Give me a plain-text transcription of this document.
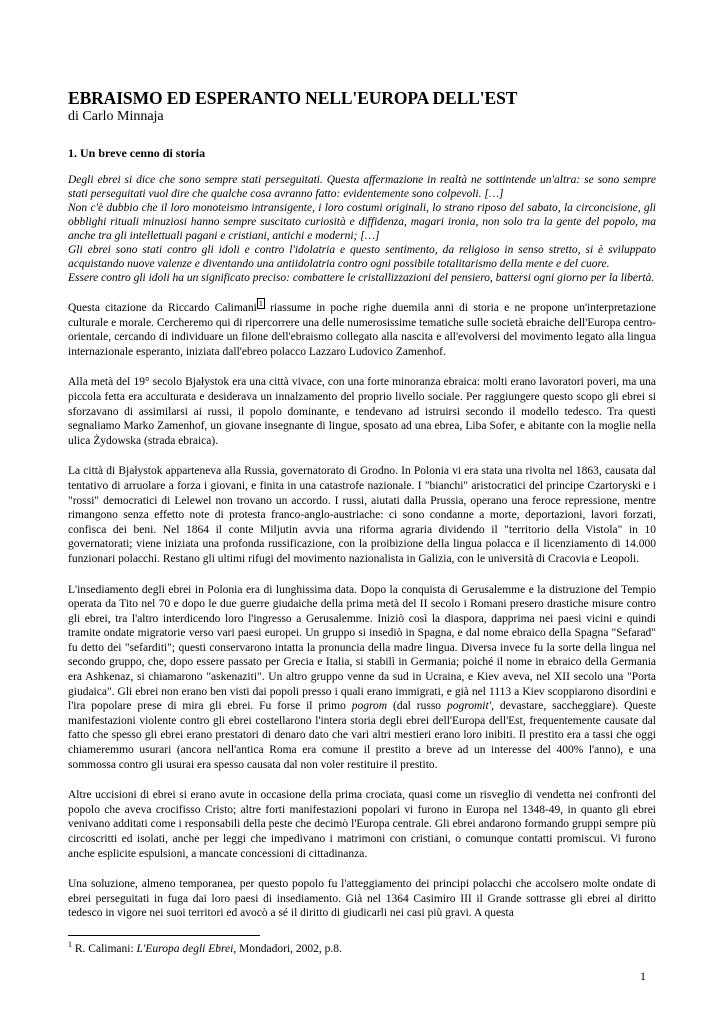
EBRAISMO ED ESPERANTO NELL'EUROPA DELL'EST

di Carlo Minnaja

1. Un breve cenno di storia

Degli ebrei si dice che sono sempre stati perseguitati. Questa affermazione in realtà ne sottintende un'altra: se sono sempre stati perseguitati vuol dire che qualche cosa avranno fatto: evidentemente sono colpevoli. […]

Non c'è dubbio che il loro monoteismo intransigente, i loro costumi originali, lo strano riposo del sabato, la circoncisione, gli obblighi rituali minuziosi hanno sempre suscitato curiosità e diffidenza, magari ironia, non solo tra la gente del popolo, ma anche tra gli intellettuali pagani e cristiani, antichi e moderni; […]

Gli ebrei sono stati contro gli idoli e contro l'idolatria e questo sentimento, da religioso in senso stretto, si è sviluppato acquistando nuove valenze e diventando una antiidolatria contro ogni possibile totalitarismo della mente e del cuore.

Essere contro gli idoli ha un significato preciso: combattere le cristallizzazioni del pensiero, battersi ogni giorno per la libertà.

Questa citazione da Riccardo Calimani $^1$ riassume in poche righe duemila anni di storia e ne propone un'interpretazione culturale e morale. Cercheremo qui di ripercorrere una delle numerosissime tematiche sulle società ebraiche dell'Europa centro-orientale, cercando di individuare un filone dell'ebraismo collegato alla nascita e all'evolversi del movimento legato alla lingua internazionale esperanto, iniziata dall'ebreo polacco Lazzaro Ludovico Zamenhof.

Alla metà del 19° secolo Bjałystok era una città vivace, con una forte minoranza ebraica: molti erano lavoratori poveri, ma una piccola fetta era acculturata e desiderava un innalzamento del proprio livello sociale. Per raggiungere questo scopo gli ebrei si sforzavano di assimilarsi ai russi, il popolo dominante, e tendevano ad istruirsi secondo il modello tedesco. Tra questi segnaliamo Marko Zamenhof, un giovane insegnante di lingue, sposato ad una ebrea, Liba Sofer, e abitante con la moglie nella ulica Żydowska (strada ebraica).

La città di Bjałystok apparteneva alla Russia, governatorato di Grodno. In Polonia vi era stata una rivolta nel 1863, causata dal tentativo di arruolare a forza i giovani, e finita in una catastrofe nazionale. I "bianchi" aristocratici del principe Czartoryski e i "rossi" democratici di Lelewel non trovano un accordo. I russi, aiutati dalla Prussia, operano una feroce repressione, mentre rimangono senza effetto note di protesta franco-anglo-austriache: ci sono condanne a morte, deportazioni, lavori forzati, confisca dei beni. Nel 1864 il conte Miljutin avvia una riforma agraria dividendo il "territorio della Vistola" in 10 governatorati; viene iniziata una profonda russificazione, con la proibizione della lingua polacca e il licenziamento di 14.000 funzionari polacchi. Restano gli ultimi rifugi del movimento nazionalista in Galizia, con le università di Cracovia e Leopoli.

L'insediamento degli ebrei in Polonia era di lunghissima data. Dopo la conquista di Gerusalemme e la distruzione del Tempio operata da Tito nel 70 e dopo le due guerre giudaiche della prima metà del II secolo i Romani presero drastiche misure contro gli ebrei, tra l'altro interdicendo loro l'ingresso a Gerusalemme. Iniziò così la diaspora, dapprima nei paesi vicini e quindi tramite ondate migratorie verso vari paesi europei. Un gruppo si insediò in Spagna, e dal nome ebraico della Spagna "Sefarad" fu detto dei "sefarditi"; questi conservarono intatta la pronuncia della madre lingua. Diversa invece fu la sorte della lingua nel secondo gruppo, che, dopo essere passato per Grecia e Italia, si stabilì in Germania; poiché il nome in ebraico della Germania era Ashkenaz, si chiamarono "askenaziti". Un altro gruppo venne da sud in Ucraina, e Kiev aveva, nel XII secolo una "Porta giudaica". Gli ebrei non erano ben visti dai popoli presso i quali erano immigrati, e già nel 1113 a Kiev scoppiarono disordini e l'ira popolare prese di mira gli ebrei. Fu forse il primo pogrom (dal russo pogromit', devastare, saccheggiare). Queste manifestazioni violente contro gli ebrei costellarono l'intera storia degli ebrei dell'Europa dell'Est, frequentemente causate dal fatto che spesso gli ebrei erano prestatori di denaro dato che vari altri mestieri erano loro inibiti. Il prestito era a tassi che oggi chiameremmo usurari (ancora nell'antica Roma era comune il prestito a breve ad un interesse del 400% l'anno), e una sommossa contro gli usurai era spesso causata dal non voler restituire il prestito.

Altre uccisioni di ebrei si erano avute in occasione della prima crociata, quasi come un risveglio di vendetta nei confronti del popolo che aveva crocifisso Cristo; altre forti manifestazioni popolari vi furono in Europa nel 1348-49, in quanto gli ebrei venivano additati come i responsabili della peste che decimò l'Europa centrale. Gli ebrei andarono formando gruppi sempre più circoscritti ed isolati, anche per leggi che impedivano i matrimoni con cristiani, o comunque contatti promiscui. Vi furono anche esplicite espulsioni, a mancate concessioni di cittadinanza.

Una soluzione, almeno temporanea, per questo popolo fu l'atteggiamento dei principi polacchi che accolsero molte ondate di ebrei perseguitati in fuga dai loro paesi di insediamento. Già nel 1364 Casimiro III il Grande sottrasse gli ebrei al diritto tedesco in vigore nei suoi territori ed avocò a sé il diritto di giudicarli nei casi più gravi. A questa

$^1$ R. Calimani: L'Europa degli Ebrei, Mondadori, 2002, p.8.
1
